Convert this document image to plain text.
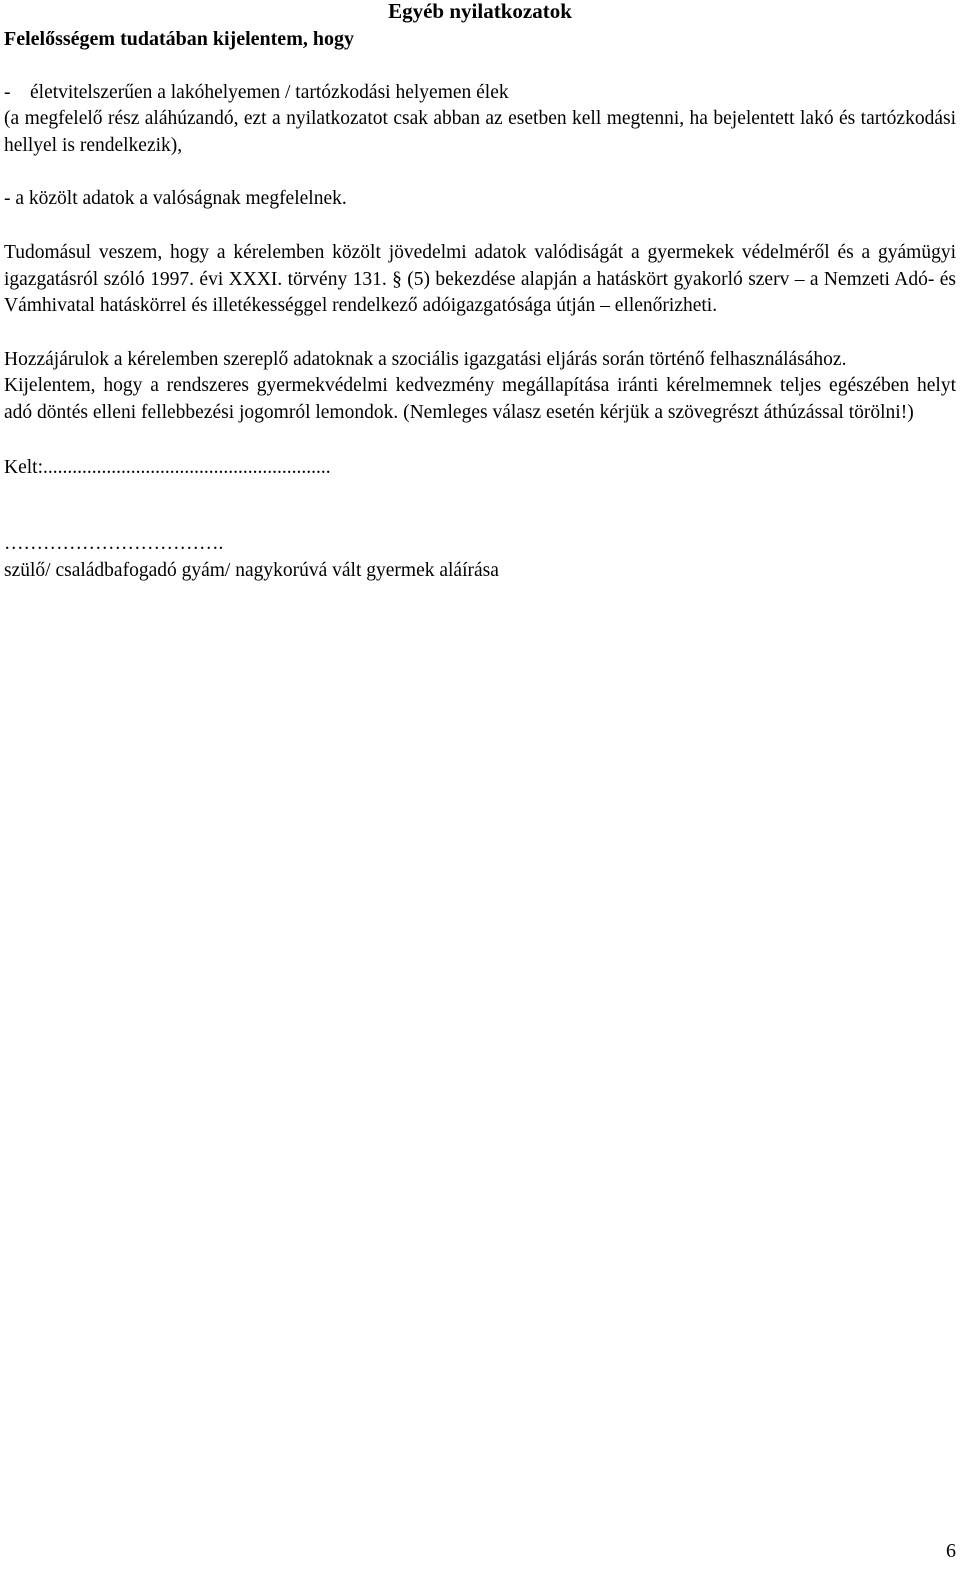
Egyéb nyilatkozatok

Felelősségem tudatában kijelentem, hogy

-    életvitelszerűen a lakóhelyemen / tartózkodási helyemen élek

(a megfelelő rész aláhúzandó, ezt a nyilatkozatot csak abban az esetben kell megtenni, ha bejelentett lakó és tartózkodási hellyel is rendelkezik),

- a közölt adatok a valóságnak megfelelnek.

Tudomásul veszem, hogy a kérelemben közölt jövedelmi adatok valódiságát a gyermekek védelméről és a gyámügyi igazgatásról szóló 1997. évi XXXI. törvény 131. § (5) bekezdése alapján a hatáskört gyakorló szerv – a Nemzeti Adó- és Vámhivatal hatáskörrel és illetékességgel rendelkező adóigazgatósága útján – ellenőrizheti.

Hozzájárulok a kérelemben szereplő adatoknak a szociális igazgatási eljárás során történő felhasználásához.

Kijelentem, hogy a rendszeres gyermekvédelmi kedvezmény megállapítása iránti kérelmemnek teljes egészében helyt adó döntés elleni fellebbezési jogomról lemondok. (Nemleges válasz esetén kérjük a szövegrészt áthúzással törölni!)

Kelt:...........................................................

…………………………….

szülő/ családbafogadó gyám/ nagykorúvá vált gyermek aláírása

6
